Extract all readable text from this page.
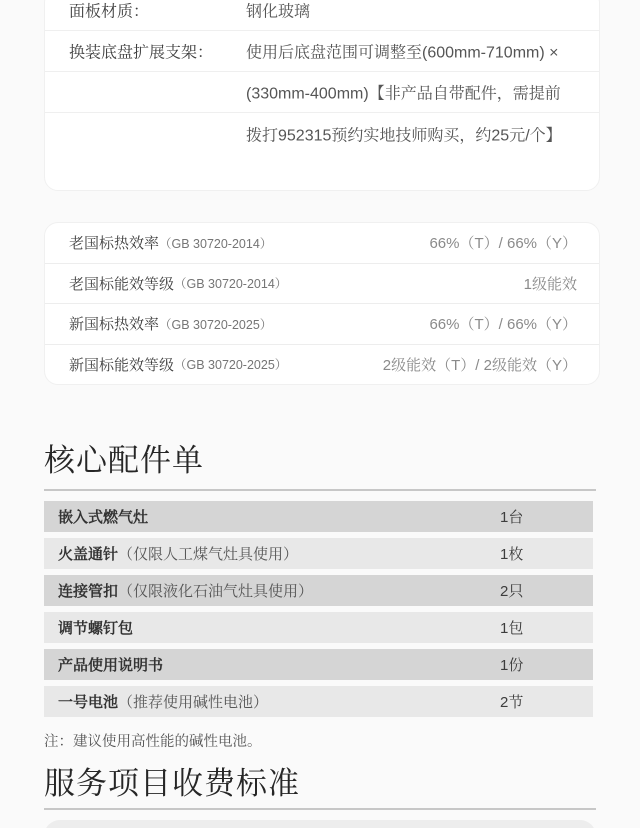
面板材质：	钢化玻璃
换装底盘扩展支架： 使用后底盘范围可调整至(600mm-710mm) ×
(330mm-400mm)【非产品自带配件，需提前
拨打952315预约实地技师购买，约25元/个】
老国标热效率 （GB 30720-2014）	66%（T）/ 66%（Y）
老国标能效等级 （GB 30720-2014）	1级能效
新国标热效率 （GB 30720-2025）	66%（T）/ 66%（Y）
新国标能效等级 （GB 30720-2025）	2级能效（T）/ 2级能效（Y）
核心配件单
嵌入式燃气灶	1台
火盖通针 （仅限人工煤气灶具使用）	1枚
连接管扣 （仅限液化石油气灶具使用）	2只
调节螺钉包	1包
产品使用说明书	1份
一号电池 （推荐使用碱性电池）	2节
注：建议使用高性能的碱性电池。
服务项目收费标准
